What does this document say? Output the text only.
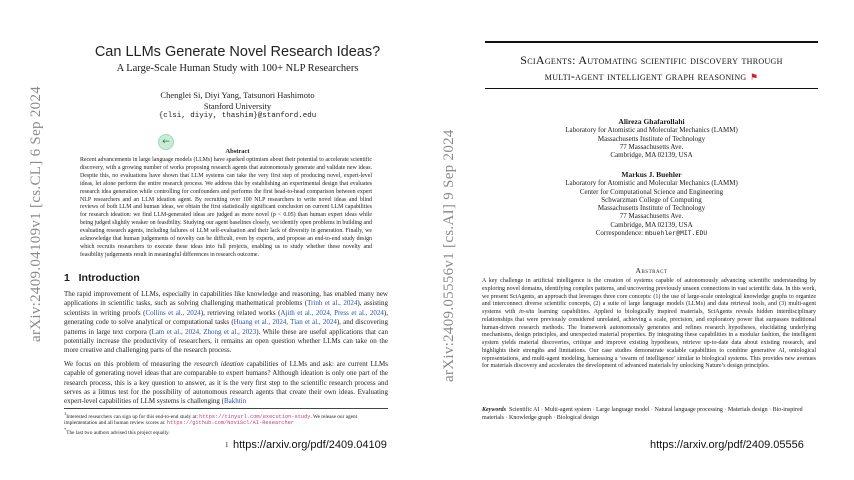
arXiv:2409.04109v1 [cs.CL] 6 Sep 2024
Can LLMs Generate Novel Research Ideas?
A Large-Scale Human Study with 100+ NLP Researchers
Chenglei Si, Diyi Yang, Tatsunori Hashimoto
Stanford University
{clsi, diyiy, thashim}@stanford.edu
←
Abstract
Recent advancements in large language models (LLMs) have sparked optimism about their potential to accelerate scientific discovery, with a growing number of works proposing research agents that autonomously generate and validate new ideas. Despite this, no evaluations have shown that LLM systems can take the very first step of producing novel, expert-level ideas, let alone perform the entire research process. We address this by establishing an experimental design that evaluates research idea generation while controlling for confounders and performs the first head-to-head comparison between expert NLP researchers and an LLM ideation agent. By recruiting over 100 NLP researchers to write novel ideas and blind reviews of both LLM and human ideas, we obtain the first statistically significant conclusion on current LLM capabilities for research ideation: we find LLM-generated ideas are judged as more novel (p < 0.05) than human expert ideas while being judged slightly weaker on feasibility. Studying our agent baselines closely, we identify open problems in building and evaluating research agents, including failures of LLM self-evaluation and their lack of diversity in generation. Finally, we acknowledge that human judgements of novelty can be difficult, even by experts, and propose an end-to-end study design which recruits researchers to execute these ideas into full projects, enabling us to study whether these novelty and feasibility judgements result in meaningful differences in research outcome.
1 Introduction

The rapid improvement of LLMs, especially in capabilities like knowledge and reasoning, has enabled many new applications in scientific tasks, such as solving challenging mathematical problems (Trinh et al., 2024), assisting scientists in writing proofs (Collins et al., 2024), retrieving related works (Ajith et al., 2024, Press et al., 2024), generating code to solve analytical or computational tasks (Huang et al., 2024, Tian et al., 2024), and discovering patterns in large text corpora (Lam et al., 2024, Zhong et al., 2023). While these are useful applications that can potentially increase the productivity of researchers, it remains an open question whether LLMs can take on the more creative and challenging parts of the research process.

We focus on this problem of measuring the research ideation capabilities of LLMs and ask: are current LLMs capable of generating novel ideas that are comparable to expert humans? Although ideation is only one part of the research process, this is a key question to answer, as it is the very first step to the scientific research process and serves as a litmus test for the possibility of autonomous research agents that create their own ideas. Evaluating expert-level capabilities of LLM systems is challenging (Bakhtin

$^1$Interested researchers can sign up for this end-to-end study at: https://tinyurl.com/execution-study. We release our agent implementation and all human review scores at: https://github.com/NoviScl/AI-Researcher
*The last two authors advised this project equally.
1 https://arxiv.org/pdf/2409.04109
arXiv:2409.05556v1 [cs.AI] 9 Sep 2024
SciAgents: Automating scientific discovery through
multi-agent intelligent graph reasoning ⚑
Alireza Ghafarollahi
Laboratory for Atomistic and Molecular Mechanics (LAMM)
Massachusetts Institute of Technology
77 Massachusetts Ave.
Cambridge, MA 02139, USA
Markus J. Buehler
Laboratory for Atomistic and Molecular Mechanics (LAMM)
Center for Computational Science and Engineering
Schwarzman College of Computing
Massachusetts Institute of Technology
77 Massachusetts Ave.
Cambridge, MA 02139, USA
Correspondence: mbuehler@MIT.EDU
Abstract
A key challenge in artificial intelligence is the creation of systems capable of autonomously advancing scientific understanding by exploring novel domains, identifying complex patterns, and uncovering previously unseen connections in vast scientific data. In this work, we present SciAgents, an approach that leverages three core concepts: (1) the use of large-scale ontological knowledge graphs to organize and interconnect diverse scientific concepts, (2) a suite of large language models (LLMs) and data retrieval tools, and (3) multi-agent systems with in-situ learning capabilities. Applied to biologically inspired materials, SciAgents reveals hidden interdisciplinary relationships that were previously considered unrelated, achieving a scale, precision, and exploratory power that surpasses traditional human-driven research methods. The framework autonomously generates and refines research hypotheses, elucidating underlying mechanisms, design principles, and unexpected material properties. By integrating these capabilities in a modular fashion, the intelligent system yields material discoveries, critique and improve existing hypotheses, retrieve up-to-date data about existing research, and highlights their strengths and limitations. Our case studies demonstrate scalable capabilities to combine generative AI, ontological representations, and multi-agent modeling, harnessing a ‘swarm of intelligence’ similar to biological systems. This provides new avenues for materials discovery and accelerates the development of advanced materials by unlocking Nature’s design principles.
Keywords Scientific AI · Multi-agent system · Large language model · Natural language processing · Materials design · Bio-inspired materials · Knowledge graph · Biological design
https://arxiv.org/pdf/2409.05556
